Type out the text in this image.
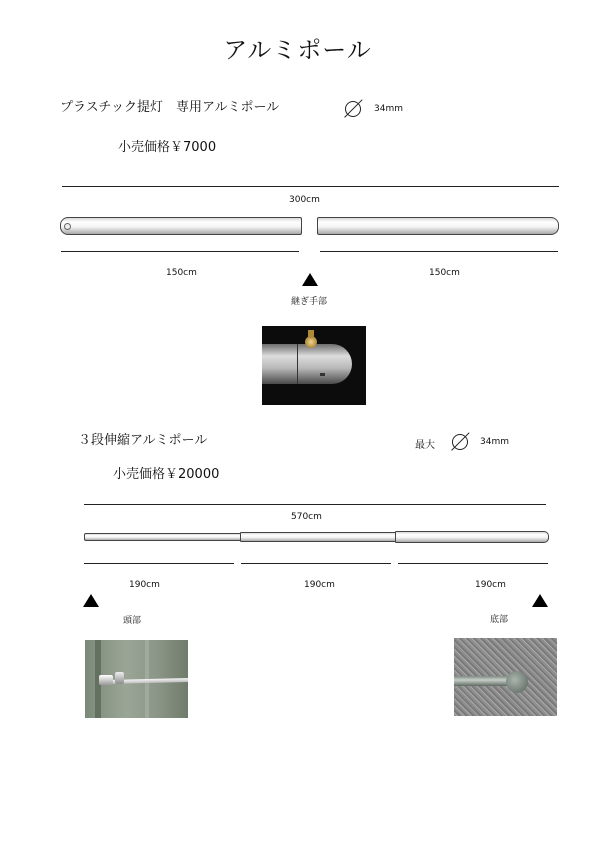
アルミポール
プラスチック提灯　専用アルミポール	34mm
小売価格￥7000
300cm
150cm	150cm
継ぎ手部
３段伸縮アルミポール	最大	34mm
小売価格￥20000
570cm
190cm	190cm	190cm
頭部	底部
